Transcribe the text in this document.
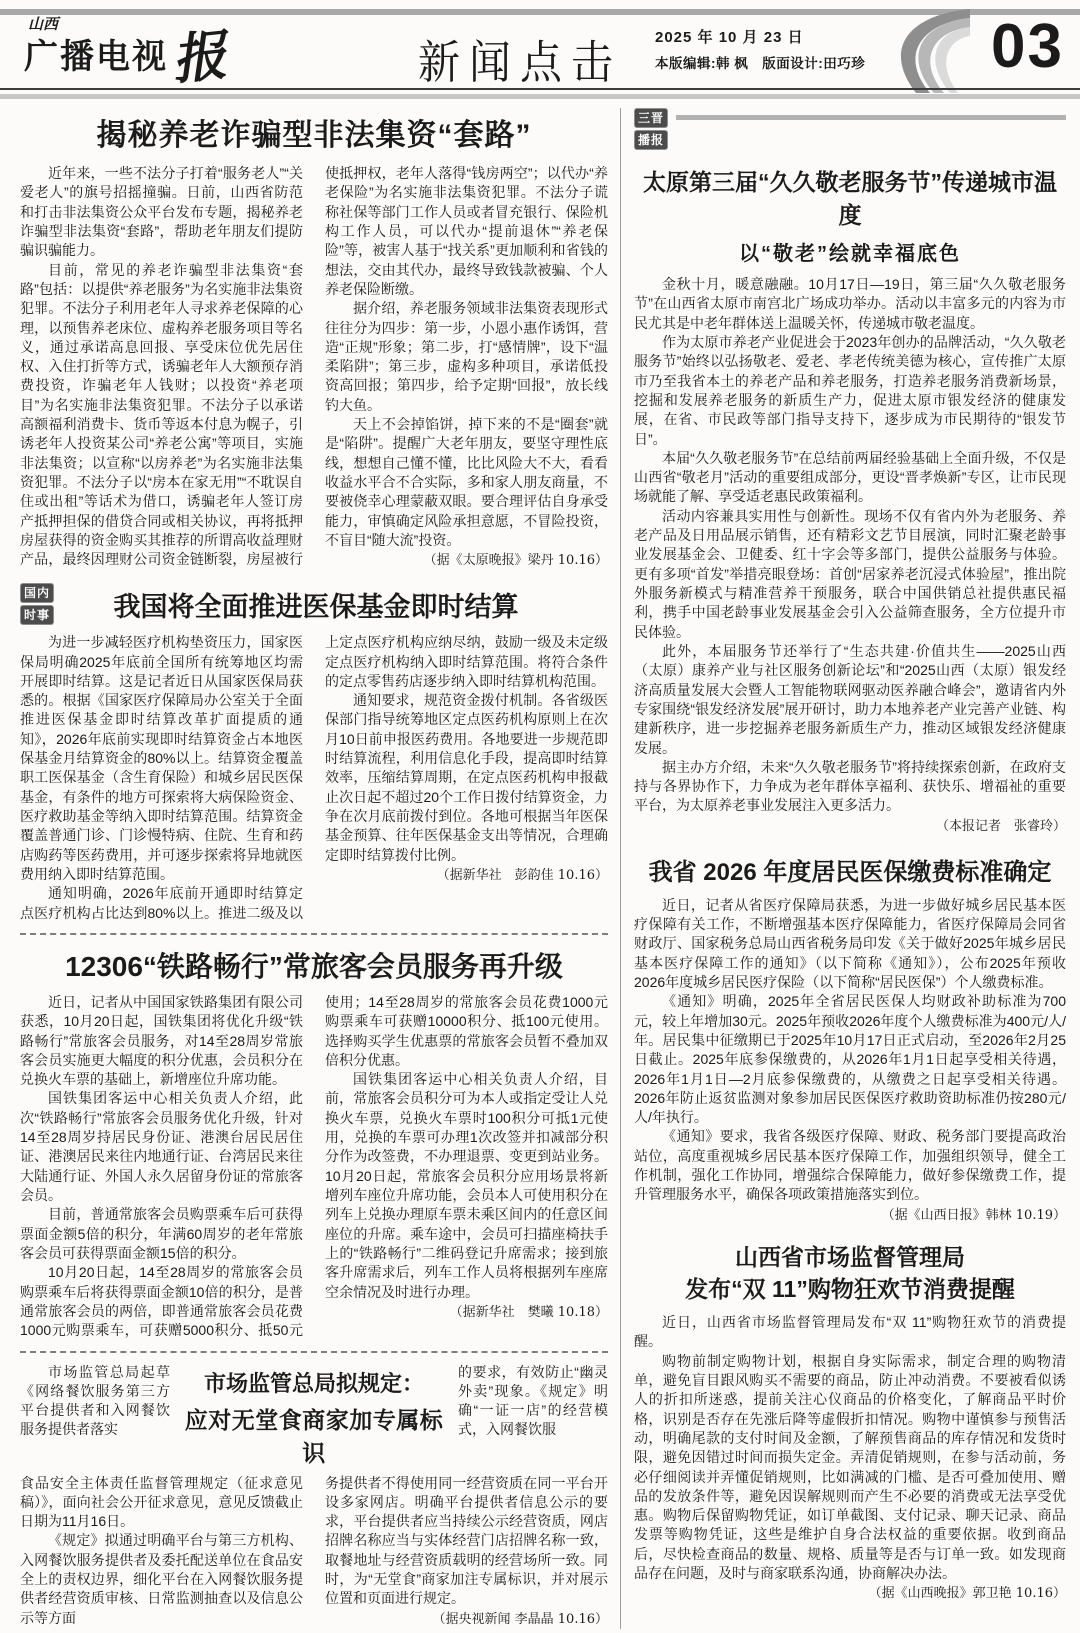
山西
广播电视报	新闻点击 2025 年 10 月 23 日
本版编辑:韩 枫　版面设计:田巧珍 03
揭秘养老诈骗型非法集资“套路”

近年来，一些不法分子打着“服务老人”“关爱老人”的旗号招摇撞骗。日前，山西省防范和打击非法集资公众平台发布专题，揭秘养老诈骗型非法集资“套路”，帮助老年朋友们提防骗识骗能力。

目前，常见的养老诈骗型非法集资“套路”包括：以提供“养老服务”为名实施非法集资犯罪。不法分子利用老年人寻求养老保障的心理，以预售养老床位、虚构养老服务项目等名义，通过承诺高息回报、享受床位优先居住权、入住打折等方式，诱骗老年人大额预存消费投资，诈骗老年人钱财；以投资“养老项目”为名实施非法集资犯罪。不法分子以承诺高额福利消费卡、货币等返本付息为幌子，引诱老年人投资某公司“养老公寓”等项目，实施非法集资；以宣称“以房养老”为名实施非法集资犯罪。不法分子以“房本在家无用”“不耽误自住或出租”等话术为借口，诱骗老年人签订房产抵押担保的借贷合同或相关协议，再将抵押房屋获得的资金购买其推荐的所谓高收益理财产品，最终因理财公司资金链断裂，房屋被行使抵押权，老年人落得“钱房两空”；以代办“养老保险”为名实施非法集资犯罪。不法分子谎称社保等部门工作人员或者冒充银行、保险机构工作人员，可以代办“提前退休”“养老保险”等，被害人基于“找关系”更加顺利和省钱的想法，交由其代办，最终导致钱款被骗、个人养老保险断缴。

据介绍，养老服务领域非法集资表现形式往往分为四步：第一步，小恩小惠作诱饵，营造“正规”形象；第二步，打“感情牌”，设下“温柔陷阱”；第三步，虚构多种项目，承诺低投资高回报；第四步，给予定期“回报”，放长线钓大鱼。

天上不会掉馅饼，掉下来的不是“圈套”就是“陷阱”。提醒广大老年朋友，要坚守理性底线，想想自己懂不懂，比比风险大不大，看看收益水平合不合实际，多和家人朋友商量，不要被侥幸心理蒙蔽双眼。要合理评估自身承受能力，审慎确定风险承担意愿，不冒险投资，不盲目“随大流”投资。

（据《太原晚报》梁丹 10.16）
国内
时事	我国将全面推进医保基金即时结算

为进一步减轻医疗机构垫资压力，国家医保局明确2025年底前全国所有统筹地区均需开展即时结算。这是记者近日从国家医保局获悉的。根据《国家医疗保障局办公室关于全面推进医保基金即时结算改革扩面提质的通知》，2026年底前实现即时结算资金占本地医保基金月结算资金的80%以上。结算资金覆盖职工医保基金（含生育保险）和城乡居民医保基金，有条件的地方可探索将大病保险资金、医疗救助基金等纳入即时结算范围。结算资金覆盖普通门诊、门诊慢特病、住院、生育和药店购药等医药费用，并可逐步探索将异地就医费用纳入即时结算范围。

通知明确，2026年底前开通即时结算定点医疗机构占比达到80%以上。推进二级及以上定点医疗机构应纳尽纳，鼓励一级及未定级定点医疗机构纳入即时结算范围。将符合条件的定点零售药店逐步纳入即时结算机构范围。

通知要求，规范资金拨付机制。各省级医保部门指导统筹地区定点医药机构原则上在次月10日前申报医药费用。各地要进一步规范即时结算流程，利用信息化手段，提高即时结算效率，压缩结算周期，在定点医药机构申报截止次日起不超过20个工作日拨付结算资金，力争在次月底前拨付到位。各地可根据当年医保基金预算、往年医保基金支出等情况，合理确定即时结算拨付比例。

（据新华社　彭韵佳 10.16）
12306“铁路畅行”常旅客会员服务再升级

近日，记者从中国国家铁路集团有限公司获悉，10月20日起，国铁集团将优化升级“铁路畅行”常旅客会员服务，对14至28周岁常旅客会员实施更大幅度的积分优惠，会员积分在兑换火车票的基础上，新增座位升席功能。

国铁集团客运中心相关负责人介绍，此次“铁路畅行”常旅客会员服务优化升级，针对14至28周岁持居民身份证、港澳台居民居住证、港澳居民来往内地通行证、台湾居民来往大陆通行证、外国人永久居留身份证的常旅客会员。

目前，普通常旅客会员购票乘车后可获得票面金额5倍的积分，年满60周岁的老年常旅客会员可获得票面金额15倍的积分。

10月20日起，14至28周岁的常旅客会员购票乘车后将获得票面金额10倍的积分，是普通常旅客会员的两倍，即普通常旅客会员花费1000元购票乘车，可获赠5000积分、抵50元使用；14至28周岁的常旅客会员花费1000元购票乘车可获赠10000积分、抵100元使用。选择购买学生优惠票的常旅客会员暂不叠加双倍积分优惠。

国铁集团客运中心相关负责人介绍，目前，常旅客会员积分可为本人或指定受让人兑换火车票，兑换火车票时100积分可抵1元使用，兑换的车票可办理1次改签并扣减部分积分作为改签费，不办理退票、变更到站业务。10月20日起，常旅客会员积分应用场景将新增列车座位升席功能，会员本人可使用积分在列车上兑换办理原车票未乘区间内的任意区间座位的升席。乘车途中，会员可扫描座椅扶手上的“铁路畅行”二维码登记升席需求；接到旅客升席需求后，列车工作人员将根据列车座席空余情况及时进行办理。

（据新华社　樊曦 10.18）
市场监管总局起草《网络餐饮服务第三方平台提供者和入网餐饮服务提供者落实
市场监管总局拟规定：
应对无堂食商家加专属标识
的要求，有效防止“幽灵外卖”现象。《规定》明确“一证一店”的经营模式，入网餐饮服

食品安全主体责任监督管理规定（征求意见稿）》，面向社会公开征求意见，意见反馈截止日期为11月16日。

《规定》拟通过明确平台与第三方机构、入网餐饮服务提供者及委托配送单位在食品安全上的责权边界，细化平台在入网餐饮服务提供者经营资质审核、日常监测抽查以及信息公示等方面

务提供者不得使用同一经营资质在同一平台开设多家网店。明确平台提供者信息公示的要求，平台提供者应当持续公示经营资质，网店招牌名称应当与实体经营门店招牌名称一致，取餐地址与经营资质载明的经营场所一致。同时，为“无堂食”商家加注专属标识，并对展示位置和页面进行规定。

（据央视新闻 李晶晶 10.16）
三晋
播报
太原第三届“久久敬老服务节”传递城市温度
以“敬老”绘就幸福底色

金秋十月，暖意融融。10月17日—19日，第三届“久久敬老服务节”在山西省太原市南宫北广场成功举办。活动以丰富多元的内容为市民尤其是中老年群体送上温暖关怀，传递城市敬老温度。

作为太原市养老产业促进会于2023年创办的品牌活动，“久久敬老服务节”始终以弘扬敬老、爱老、孝老传统美德为核心，宣传推广太原市乃至我省本土的养老产品和养老服务，打造养老服务消费新场景，挖掘和发展养老服务的新质生产力，促进太原市银发经济的健康发展，在省、市民政等部门指导支持下，逐步成为市民期待的“银发节日”。

本届“久久敬老服务节”在总结前两届经验基础上全面升级，不仅是山西省“敬老月”活动的重要组成部分，更设“晋孝焕新”专区，让市民现场就能了解、享受适老惠民政策福利。

活动内容兼具实用性与创新性。现场不仅有省内外为老服务、养老产品及日用品展示销售，还有精彩文艺节目展演，同时汇聚老龄事业发展基金会、卫健委、红十字会等多部门，提供公益服务与体验。更有多项“首发”举措亮眼登场：首创“居家养老沉浸式体验屋”，推出院外服务新模式与精准营养干预服务，联合中国供销总社提供惠民福利，携手中国老龄事业发展基金会引入公益筛查服务，全方位提升市民体验。

此外，本届服务节还举行了“生态共建·价值共生——2025山西（太原）康养产业与社区服务创新论坛”和“2025山西（太原）银发经济高质量发展大会暨人工智能物联网驱动医养融合峰会”，邀请省内外专家围绕“银发经济发展”展开研讨，助力本地养老产业完善产业链、构建新秩序，进一步挖掘养老服务新质生产力，推动区域银发经济健康发展。

据主办方介绍，未来“久久敬老服务节”将持续探索创新，在政府支持与各界协作下，力争成为老年群体享福利、获快乐、增福祉的重要平台，为太原养老事业发展注入更多活力。

（本报记者　张睿玲）
我省 2026 年度居民医保缴费标准确定

近日，记者从省医疗保障局获悉，为进一步做好城乡居民基本医疗保障有关工作，不断增强基本医疗保障能力，省医疗保障局会同省财政厅、国家税务总局山西省税务局印发《关于做好2025年城乡居民基本医疗保障工作的通知》（以下简称《通知》），公布2025年预收2026年度城乡居民医疗保险（以下简称“居民医保”）个人缴费标准。

《通知》明确，2025年全省居民医保人均财政补助标准为700元，较上年增加30元。2025年预收2026年度个人缴费标准为400元/人/年。居民集中征缴期已于2025年10月17日正式启动，至2026年2月25日截止。2025年底参保缴费的，从2026年1月1日起享受相关待遇，2026年1月1日—2月底参保缴费的，从缴费之日起享受相关待遇。2026年防止返贫监测对象参加居民医保医疗救助资助标准仍按280元/人/年执行。

《通知》要求，我省各级医疗保障、财政、税务部门要提高政治站位，高度重视城乡居民基本医疗保障工作，加强组织领导，健全工作机制，强化工作协同，增强综合保障能力，做好参保缴费工作，提升管理服务水平，确保各项政策措施落实到位。

（据《山西日报》韩林 10.19）
山西省市场监督管理局
发布“双 11”购物狂欢节消费提醒

近日，山西省市场监督管理局发布“双 11”购物狂欢节的消费提醒。

购物前制定购物计划，根据自身实际需求，制定合理的购物清单，避免盲目跟风购买不需要的商品，防止冲动消费。不要被看似诱人的折扣所迷惑，提前关注心仪商品的价格变化，了解商品平时价格，识别是否存在先涨后降等虚假折扣情况。购物中谨慎参与预售活动，明确尾款的支付时间及金额，了解预售商品的库存情况和发货时限，避免因错过时间而损失定金。弄清促销规则，在参与活动前，务必仔细阅读并弄懂促销规则，比如满减的门槛、是否可叠加使用、赠品的发放条件等，避免因误解规则而产生不必要的消费或无法享受优惠。购物后保留购物凭证，如订单截图、支付记录、聊天记录、商品发票等购物凭证，这些是维护自身合法权益的重要依据。收到商品后，尽快检查商品的数量、规格、质量等是否与订单一致。如发现商品存在问题，及时与商家联系沟通，协商解决办法。

（据《山西晚报》郭卫艳 10.16）
